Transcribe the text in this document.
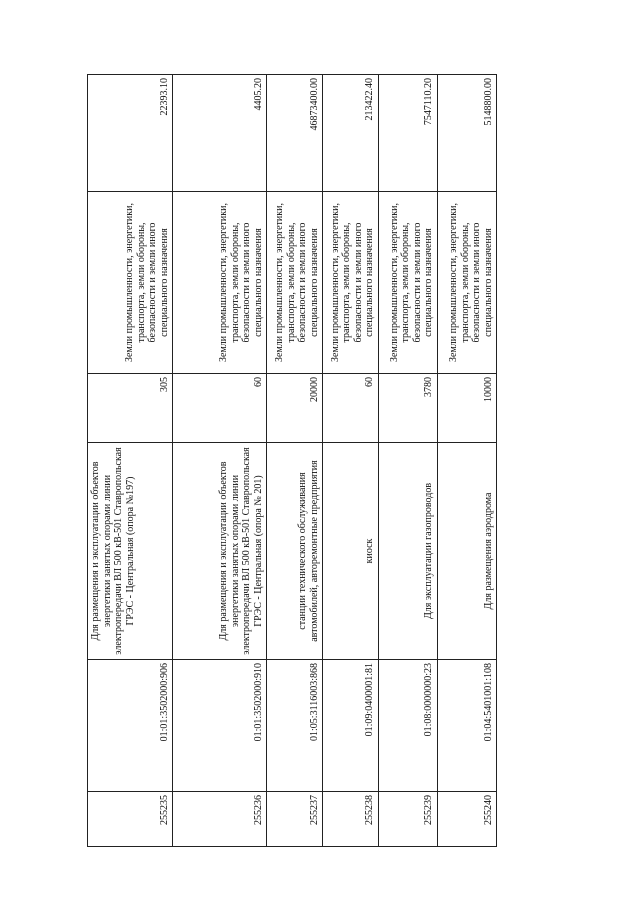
255235	01:01:3502000:906	Для размещения и эксплуатации объектов энергетики занятых опорами линии электропередачи ВЛ 500 кВ-501 Ставропольская ГРЭС - Центральная (опора №197)	305	Земли промышленности, энергетики, транспорта, земли обороны, безопасности и земли иного специального назначения	22393.10
255236	01:01:3502000:910	Для размещения и эксплуатации объектов энергетики занятых опорами линии электропередачи ВЛ 500 кВ-501 Ставропольская ГРЭС - Центральная (опора № 201)	60	Земли промышленности, энергетики, транспорта, земли обороны, безопасности и земли иного специального назначения	4405.20
255237	01:05:3116003:868	станции технического обслуживания автомобилей, авторемонтные предприятия	20000	Земли промышленности, энергетики, транспорта, земли обороны, безопасности и земли иного специального назначения	46873400.00
255238	01:09:0400001:81	киоск	60	Земли промышленности, энергетики, транспорта, земли обороны, безопасности и земли иного специального назначения	213422.40
255239	01:08:0000000:23	Для эксплуатации газопроводов	3780	Земли промышленности, энергетики, транспорта, земли обороны, безопасности и земли иного специального назначения	7547110.20
255240	01:04:5401001:108	Для размещения аэродрома	10000	Земли промышленности, энергетики, транспорта, земли обороны, безопасности и земли иного специального назначения	5148800.00
